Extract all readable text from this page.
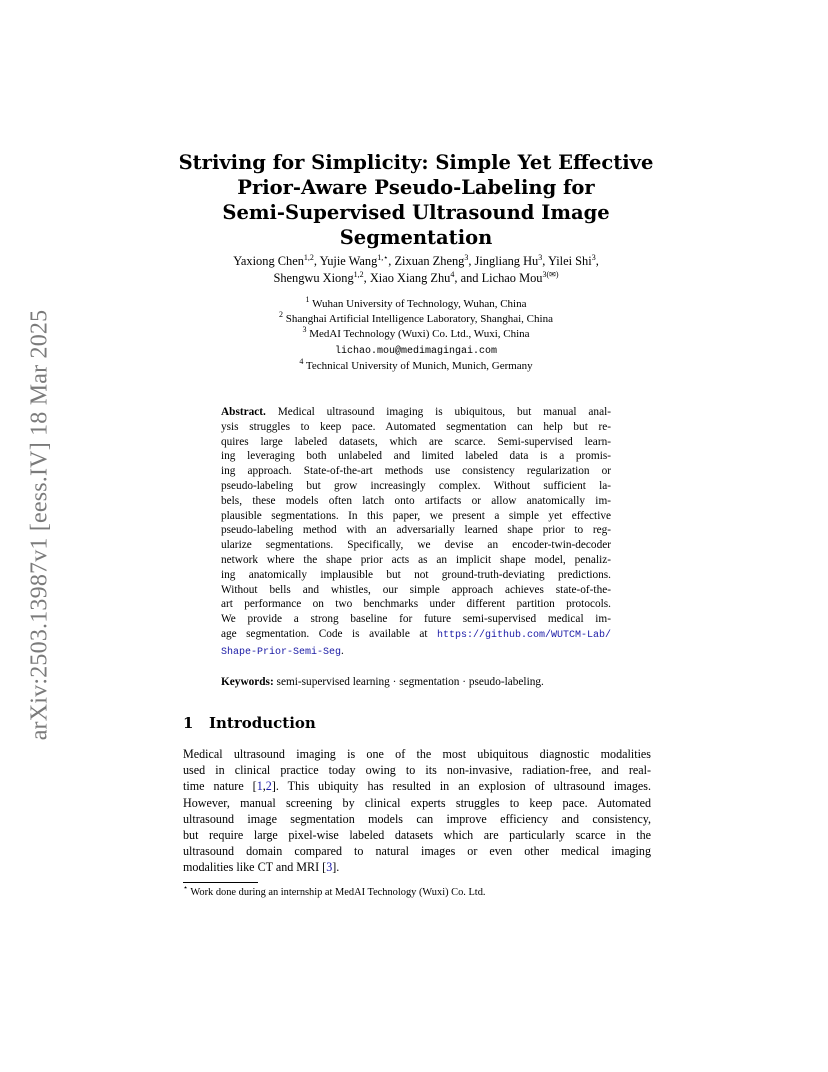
arXiv:2503.13987v1 [eess.IV] 18 Mar 2025
Striving for Simplicity: Simple Yet Effective
Prior-Aware Pseudo-Labeling for
Semi-Supervised Ultrasound Image Segmentation
Yaxiong Chen$^{1,2}$, Yujie Wang$^{1,⋆}$, Zixuan Zheng$^3$, Jingliang Hu$^3$, Yilei Shi$^3$,
Shengwu Xiong$^{1,2}$, Xiao Xiang Zhu$^4$, and Lichao Mou$^{3(✉)}$
$^1$ Wuhan University of Technology, Wuhan, China
$^2$ Shanghai Artificial Intelligence Laboratory, Shanghai, China
$^3$ MedAI Technology (Wuxi) Co. Ltd., Wuxi, China
lichao.mou@medimagingai.com
$^4$ Technical University of Munich, Munich, Germany
Abstract. Medical ultrasound imaging is ubiquitous, but manual anal-
ysis struggles to keep pace. Automated segmentation can help but re-
quires large labeled datasets, which are scarce. Semi-supervised learn-
ing leveraging both unlabeled and limited labeled data is a promis-
ing approach. State-of-the-art methods use consistency regularization or
pseudo-labeling but grow increasingly complex. Without sufficient la-
bels, these models often latch onto artifacts or allow anatomically im-
plausible segmentations. In this paper, we present a simple yet effective
pseudo-labeling method with an adversarially learned shape prior to reg-
ularize segmentations. Specifically, we devise an encoder-twin-decoder
network where the shape prior acts as an implicit shape model, penaliz-
ing anatomically implausible but not ground-truth-deviating predictions.
Without bells and whistles, our simple approach achieves state-of-the-
art performance on two benchmarks under different partition protocols.
We provide a strong baseline for future semi-supervised medical im-
age segmentation. Code is available at https://github.com/WUTCM-Lab/
Shape-Prior-Semi-Seg.
Keywords: semi-supervised learning · segmentation · pseudo-labeling.
1 Introduction
Medical ultrasound imaging is one of the most ubiquitous diagnostic modalities
used in clinical practice today owing to its non-invasive, radiation-free, and real-
time nature [1,2]. This ubiquity has resulted in an explosion of ultrasound images.
However, manual screening by clinical experts struggles to keep pace. Automated
ultrasound image segmentation models can improve efficiency and consistency,
but require large pixel-wise labeled datasets which are particularly scarce in the
ultrasound domain compared to natural images or even other medical imaging
modalities like CT and MRI [3].
⋆ Work done during an internship at MedAI Technology (Wuxi) Co. Ltd.
